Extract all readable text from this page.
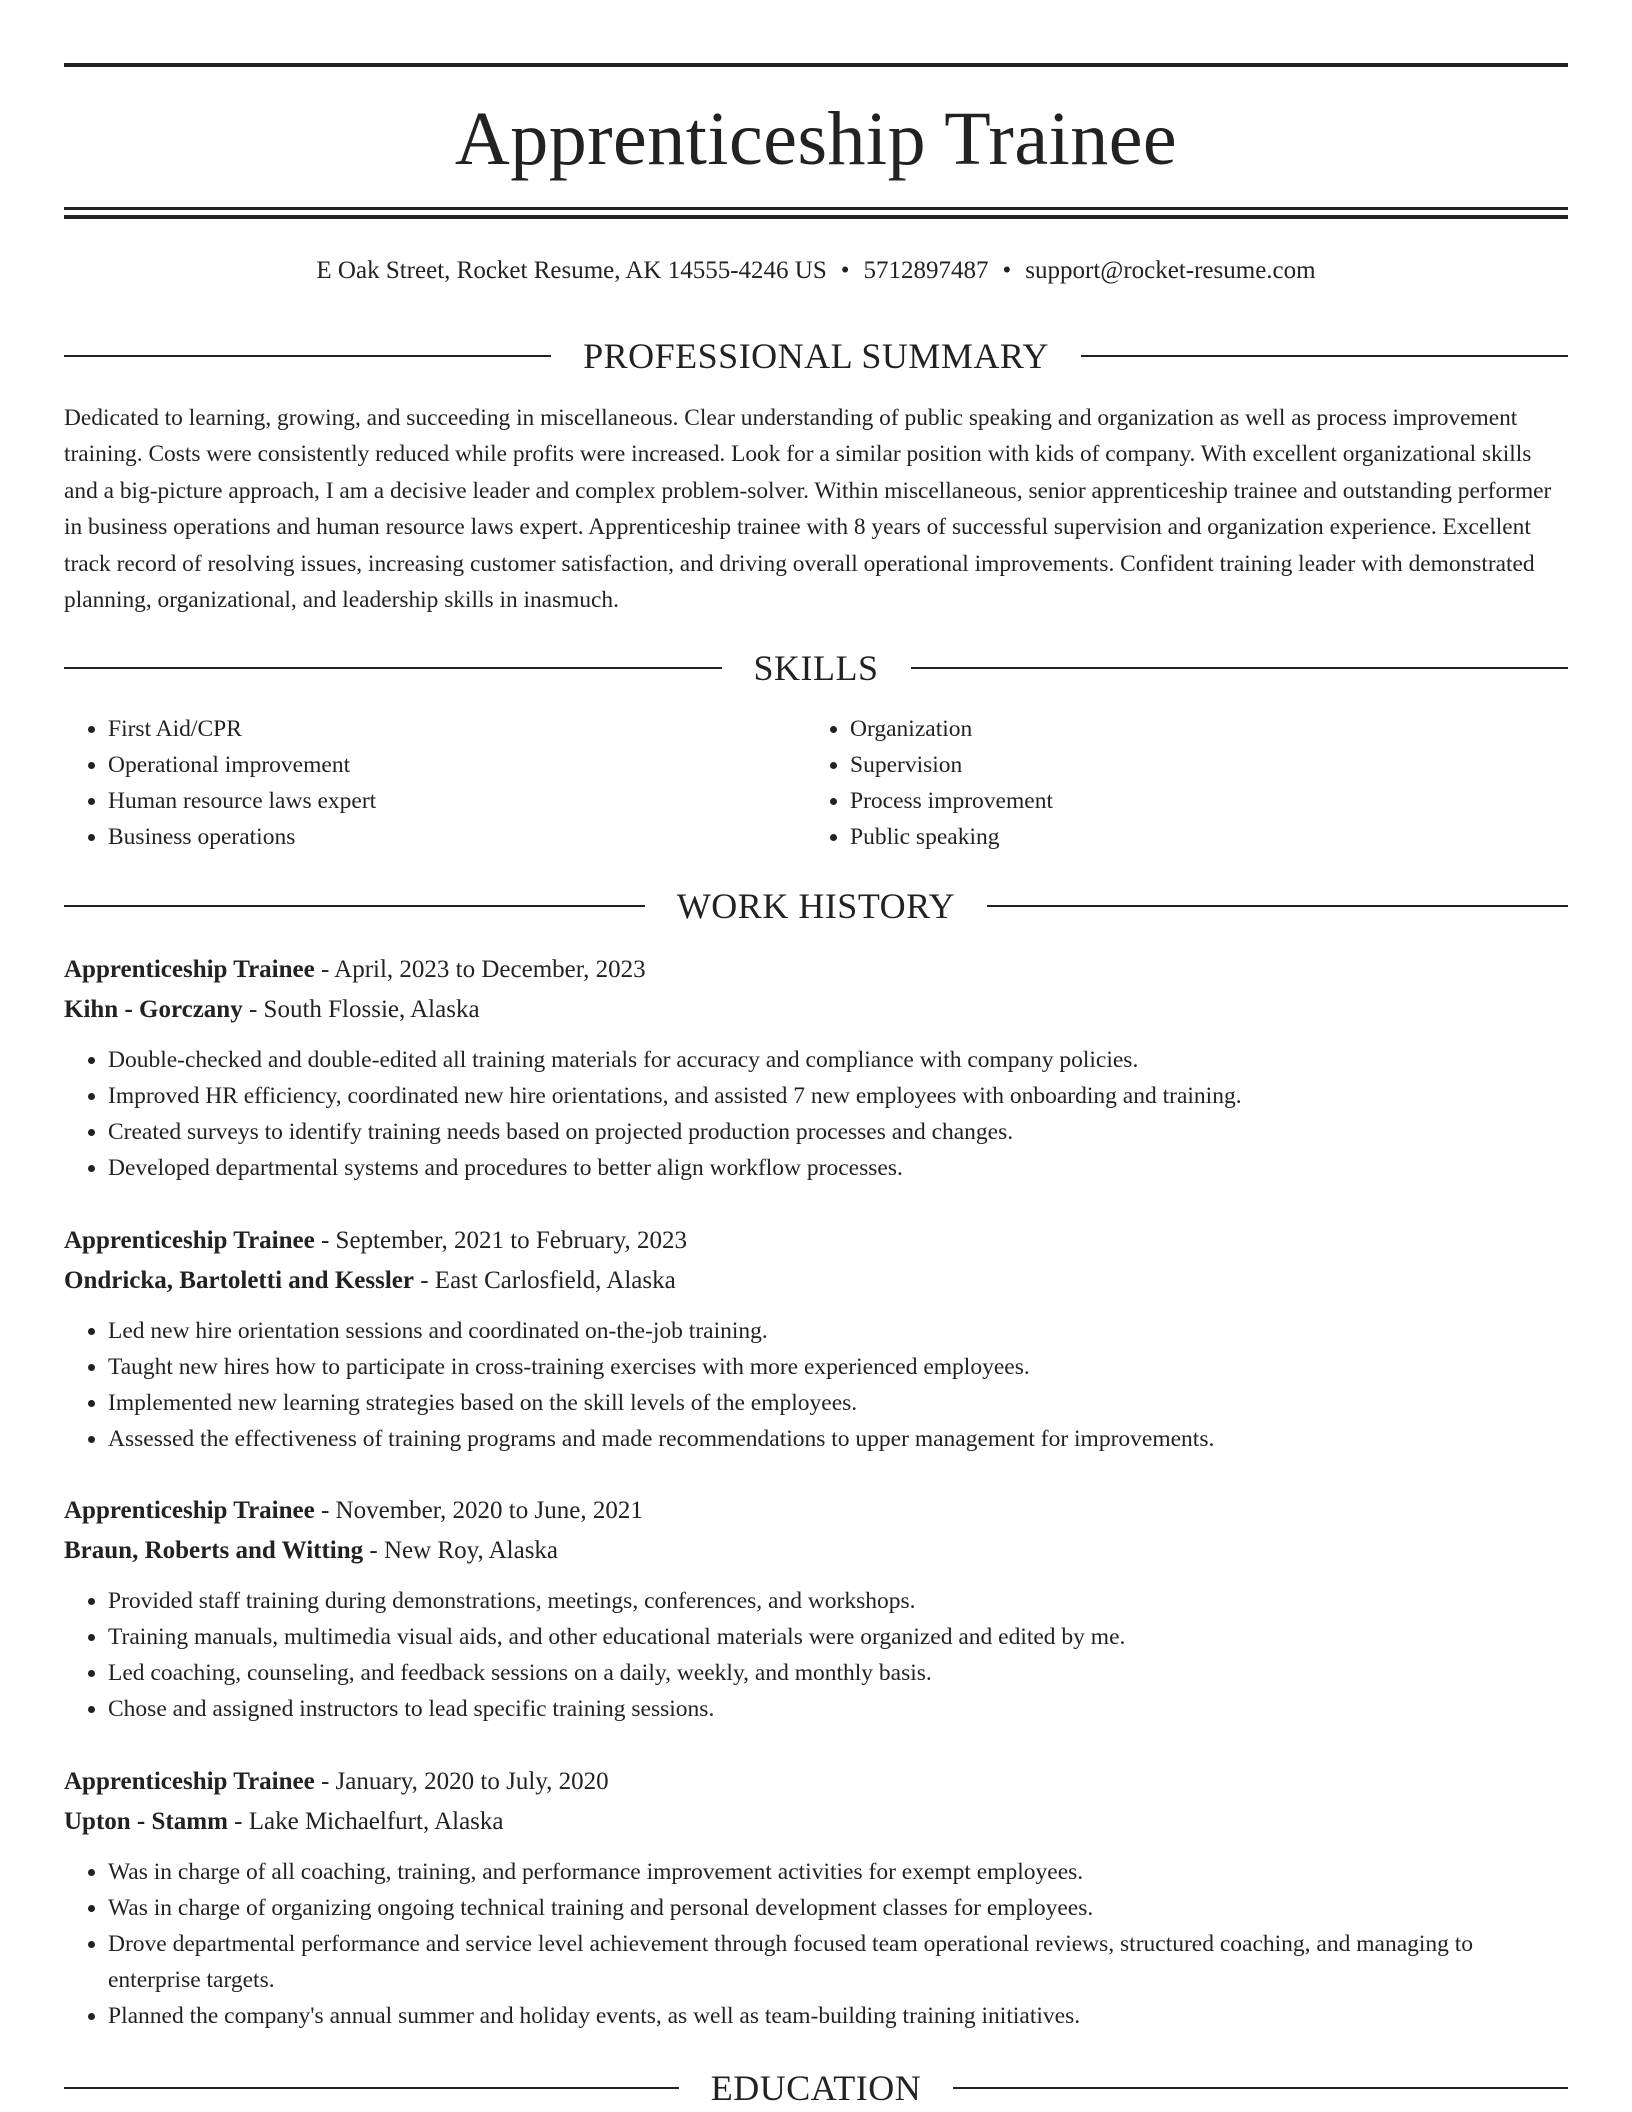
Apprenticeship Trainee
E Oak Street, Rocket Resume, AK 14555-4246 US • 5712897487 • support@rocket-resume.com
PROFESSIONAL SUMMARY

Dedicated to learning, growing, and succeeding in miscellaneous. Clear understanding of public speaking and organization as well as process improvement training. Costs were consistently reduced while profits were increased. Look for a similar position with kids of company. With excellent organizational skills and a big-picture approach, I am a decisive leader and complex problem-solver. Within miscellaneous, senior apprenticeship trainee and outstanding performer in business operations and human resource laws expert. Apprenticeship trainee with 8 years of successful supervision and organization experience. Excellent track record of resolving issues, increasing customer satisfaction, and driving overall operational improvements. Confident training leader with demonstrated planning, organizational, and leadership skills in inasmuch.

SKILLS
• First Aid/CPR
• Operational improvement
• Human resource laws expert
• Business operations
• Organization
• Supervision
• Process improvement
• Public speaking
WORK HISTORY
Apprenticeship Trainee - April, 2023 to December, 2023
Kihn - Gorczany - South Flossie, Alaska
• Double-checked and double-edited all training materials for accuracy and compliance with company policies.
• Improved HR efficiency, coordinated new hire orientations, and assisted 7 new employees with onboarding and training.
• Created surveys to identify training needs based on projected production processes and changes.
• Developed departmental systems and procedures to better align workflow processes.
Apprenticeship Trainee - September, 2021 to February, 2023
Ondricka, Bartoletti and Kessler - East Carlosfield, Alaska
• Led new hire orientation sessions and coordinated on-the-job training.
• Taught new hires how to participate in cross-training exercises with more experienced employees.
• Implemented new learning strategies based on the skill levels of the employees.
• Assessed the effectiveness of training programs and made recommendations to upper management for improvements.
Apprenticeship Trainee - November, 2020 to June, 2021
Braun, Roberts and Witting - New Roy, Alaska
• Provided staff training during demonstrations, meetings, conferences, and workshops.
• Training manuals, multimedia visual aids, and other educational materials were organized and edited by me.
• Led coaching, counseling, and feedback sessions on a daily, weekly, and monthly basis.
• Chose and assigned instructors to lead specific training sessions.
Apprenticeship Trainee - January, 2020 to July, 2020
Upton - Stamm - Lake Michaelfurt, Alaska
• Was in charge of all coaching, training, and performance improvement activities for exempt employees.
• Was in charge of organizing ongoing technical training and personal development classes for employees.
• Drove departmental performance and service level achievement through focused team operational reviews, structured coaching, and managing to enterprise targets.
• Planned the company's annual summer and holiday events, as well as team-building training initiatives.
EDUCATION
